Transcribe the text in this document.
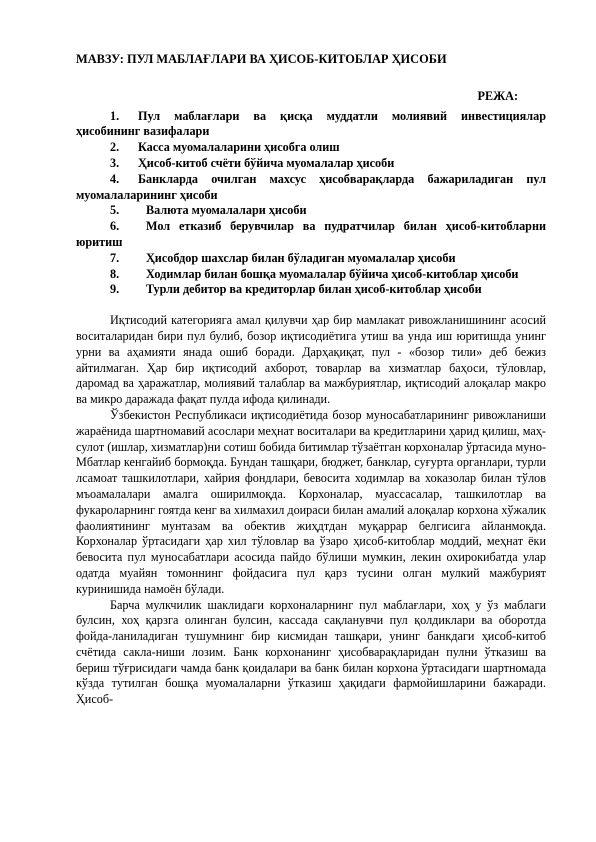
МАВЗУ: ПУЛ МАБЛАҒЛАРИ ВА ҲИСОБ-КИТОБЛАР ҲИСОБИ
РЕЖА:
1. Пул маблағлари ва қисқа муддатли молиявий инвестициялар ҳисобининг вазифалари
2. Касса муомалаларини ҳисобга олиш
3. Ҳисоб-китоб счёти бўйича муомалалар ҳисоби
4. Банкларда очилган махсус ҳисобварақларда бажариладиган пул муомалаларининг ҳисоби
5. Валюта муомалалари ҳисоби
6. Мол етказиб берувчилар ва пудратчилар билан ҳисоб-китобларни юритиш
7. Ҳисобдор шахслар билан бўладиган муомалалар ҳисоби
8. Ходимлар билан бошқа муомалалар бўйича ҳисоб-китоблар ҳисоби
9. Турли дебитор ва кредиторлар билан ҳисоб-китоблар ҳисоби

Иқтисодий категорияга амал қилувчи ҳар бир мамлакат ривожланишининг асосий воситаларидан бири пул булиб, бозор иқтисодиётига утиш ва унда иш юритишда унинг урни ва аҳамияти янада ошиб боради. Дарҳақиқат, пул - «бозор тили» деб бежиз айтилмаган. Ҳар бир иқтисодий ахборот, товарлар ва хизматлар баҳоси, тўловлар, даромад ва ҳаражатлар, молиявий талаблар ва мажбуриятлар, иқтисодий алоқалар макро ва микро даражада фақат пулда ифода қилинади.

Ўзбекистон Республикаси иқтисодиётида бозор муносабатларининг ривожланиши жараёнида шартномавий асослари меҳнат воситалари ва кредитларини ҳарид қилиш, маҳ-сулот (ишлар, хизматлар)ни сотиш бобида битимлар тўзаётган корхоналар ўртасида муно-Мбатлар кенгайиб бормоқда. Бундан ташқари, бюджет, банклар, суғурта органлари, турли лсамоат ташкилотлари, хайрия фондлари, бевосита ходимлар ва хоказолар билан тўлов мъоамалалари амалга оширилмоқда. Корхоналар, муассасалар, ташкилотлар ва фукароларнинг гоятда кенг ва хилмахил доираси билан амалий алоқалар корхона хўжалик фаолиятининг мунтазам ва обектив жиҳдтдан муқаррар белгисига айланмоқда. Корхоналар ўртасидаги ҳар хил тўловлар ва ўзаро ҳисоб-китоблар моддий, меҳнат ёки бевосита пул муносабатлари асосида пайдо бўлиши мумкин, лекин охирокибатда улар одатда муайян томоннинг фойдасига пул қарз тусини олган мулкий мажбурият куринишида намоён бўлади.

Барча мулкчилик шаклидаги корхоналарнинг пул маблағлари, хоҳ у ўз маблаги булсин, хоҳ қарзга олинган булсин, кассада сақланувчи пул қолдиклари ва оборотда фойда-ланиладиган тушумнинг бир кисмидан ташқари, унинг банкдаги ҳисоб-китоб счётида сакла-ниши лозим. Банк корхонанинг ҳисобварақларидан пулни ўтказиш ва бериш тўғрисидаги чамда банк қоидалари ва банк билан корхона ўртасидаги шартномада кўзда тутилган бошқа муомалаларни ўтказиш ҳақидаги фармойишларини бажаради. Ҳисоб-
